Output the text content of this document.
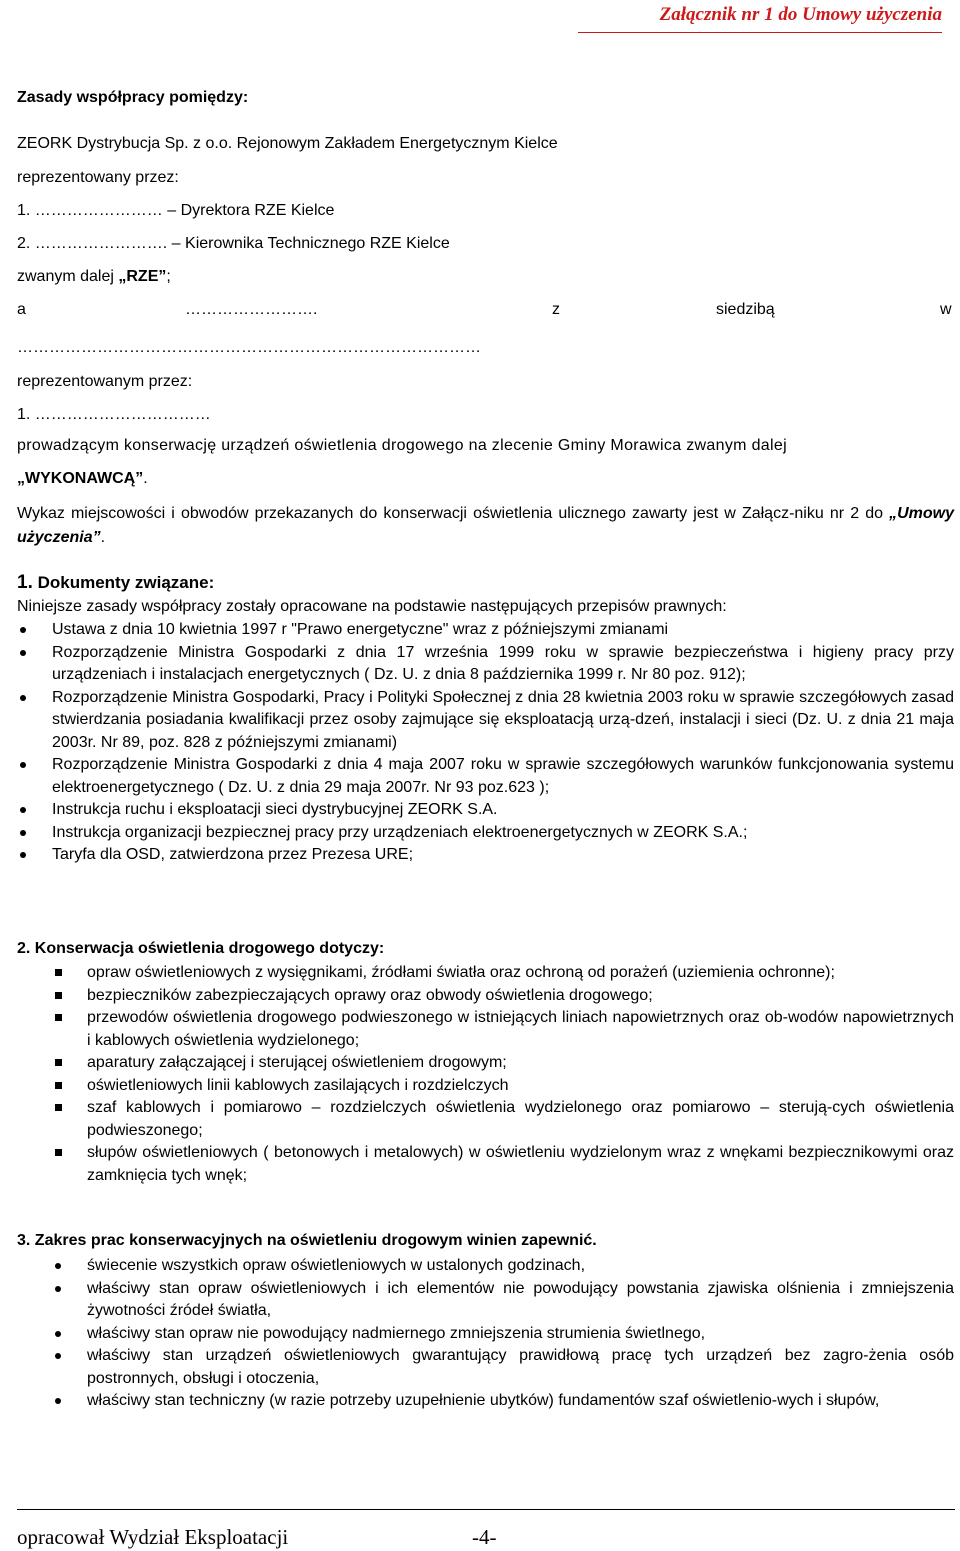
Załącznik nr 1 do Umowy użyczenia
Zasady współpracy pomiędzy:
ZEORK Dystrybucja Sp. z o.o. Rejonowym Zakładem Energetycznym Kielce
reprezentowany przez:
1. …………………… – Dyrektora RZE Kielce
2. ……………………. – Kierownika Technicznego RZE Kielce
zwanym dalej „RZE”;
a	…………………….	z	siedzibą	w
……………………………………………………………………………
reprezentowanym przez:
1. ……………………………
prowadzącym konserwację urządzeń oświetlenia drogowego na zlecenie Gminy Morawica zwanym dalej
„WYKONAWCĄ”.
Wykaz miejscowości i obwodów przekazanych do konserwacji oświetlenia ulicznego zawarty jest w Załącz-niku nr 2 do „Umowy użyczenia”.
1. Dokumenty związane:
Niniejsze zasady współpracy zostały opracowane na podstawie następujących przepisów prawnych:
Ustawa z dnia 10 kwietnia 1997 r "Prawo energetyczne" wraz z późniejszymi zmianami
Rozporządzenie Ministra Gospodarki z dnia 17 września 1999 roku w sprawie bezpieczeństwa i higieny pracy przy urządzeniach i instalacjach energetycznych ( Dz. U. z dnia 8 października 1999 r. Nr 80 poz. 912);
Rozporządzenie Ministra Gospodarki, Pracy i Polityki Społecznej z dnia 28 kwietnia 2003 roku w sprawie szczegółowych zasad stwierdzania posiadania kwalifikacji przez osoby zajmujące się eksploatacją urzą-dzeń, instalacji i sieci (Dz. U. z dnia 21 maja 2003r. Nr 89, poz. 828 z późniejszymi zmianami)
Rozporządzenie Ministra Gospodarki z dnia 4 maja 2007 roku w sprawie szczegółowych warunków funkcjonowania systemu elektroenergetycznego ( Dz. U. z dnia 29 maja 2007r. Nr 93 poz.623 );
Instrukcja ruchu i eksploatacji sieci dystrybucyjnej ZEORK S.A.
Instrukcja organizacji bezpiecznej pracy przy urządzeniach elektroenergetycznych w ZEORK S.A.;
Taryfa dla OSD, zatwierdzona przez Prezesa URE;
2. Konserwacja oświetlenia drogowego dotyczy:
opraw oświetleniowych z wysięgnikami, źródłami światła oraz ochroną od porażeń (uziemienia ochronne);
bezpieczników zabezpieczających oprawy oraz obwody oświetlenia drogowego;
przewodów oświetlenia drogowego podwieszonego w istniejących liniach napowietrznych oraz ob-wodów napowietrznych i kablowych oświetlenia wydzielonego;
aparatury załączającej i sterującej oświetleniem drogowym;
oświetleniowych linii kablowych zasilających i rozdzielczych
szaf kablowych i pomiarowo – rozdzielczych oświetlenia wydzielonego oraz pomiarowo – sterują-cych oświetlenia podwieszonego;
słupów oświetleniowych ( betonowych i metalowych) w oświetleniu wydzielonym wraz z wnękami bezpiecznikowymi oraz zamknięcia tych wnęk;
3. Zakres prac konserwacyjnych na oświetleniu drogowym winien zapewnić.
świecenie wszystkich opraw oświetleniowych w ustalonych godzinach,
właściwy stan opraw oświetleniowych i ich elementów nie powodujący powstania zjawiska olśnienia i zmniejszenia żywotności źródeł światła,
właściwy stan opraw nie powodujący nadmiernego zmniejszenia strumienia świetlnego,
właściwy stan urządzeń oświetleniowych gwarantujący prawidłową pracę tych urządzeń bez zagro-żenia osób postronnych, obsługi i otoczenia,
właściwy stan techniczny (w razie potrzeby uzupełnienie ubytków) fundamentów szaf oświetlenio-wych i słupów,
opracował Wydział Eksploatacji	-4-
